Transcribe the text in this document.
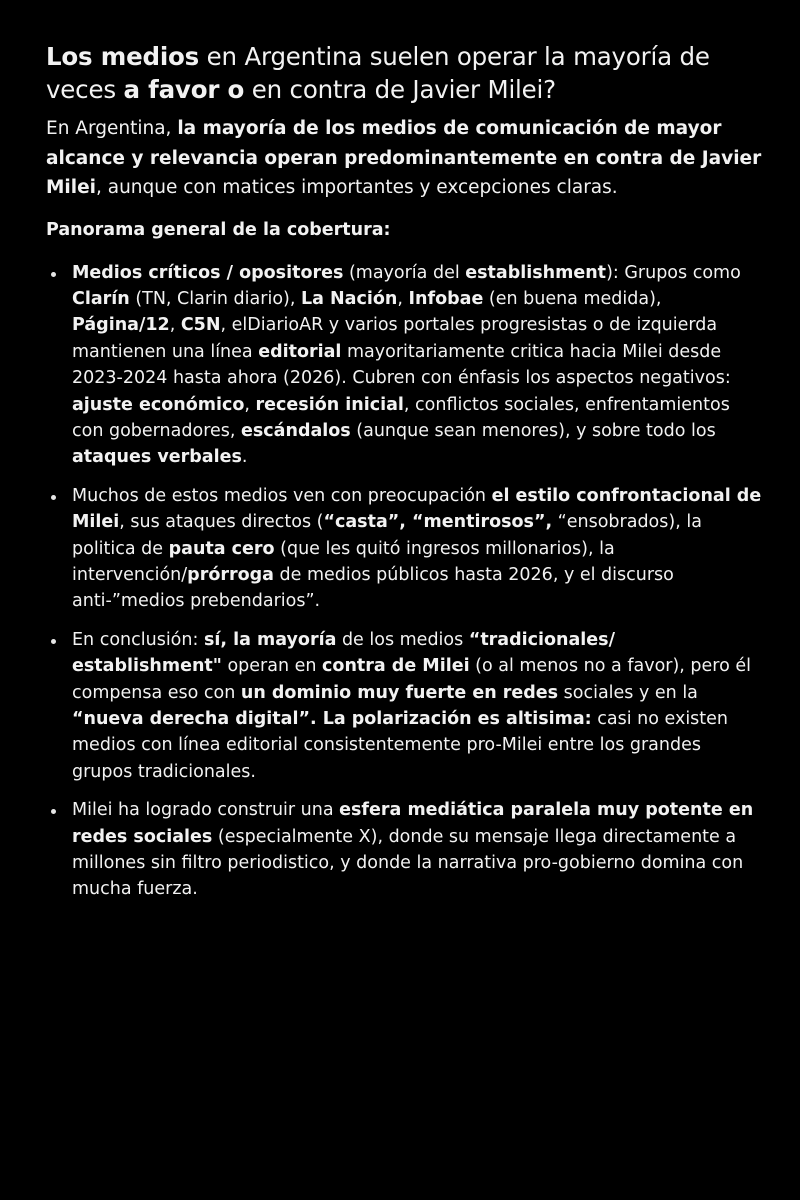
Los medios en Argentina suelen operar la mayoría de veces a favor o en contra de Javier Milei?

En Argentina, la mayoría de los medios de comunicación de mayor alcance y relevancia operan predominantemente en contra de Javier Milei, aunque con matices importantes y excepciones claras.

Panorama general de la cobertura:
Medios críticos / opositores (mayoría del establishment): Grupos como Clarín (TN, Clarin diario), La Nación, Infobae (en buena medida), Página/12, C5N, elDiarioAR y varios portales progresistas o de izquierda mantienen una línea editorial mayoritariamente critica hacia Milei desde 2023-2024 hasta ahora (2026). Cubren con énfasis los aspectos negativos: ajuste económico, recesión inicial, conflictos sociales, enfrentamientos con gobernadores, escándalos (aunque sean menores), y sobre todo los ataques verbales.
Muchos de estos medios ven con preocupación el estilo confrontacional de Milei, sus ataques directos (“casta”, “mentirosos”, “ensobrados), la politica de pauta cero (que les quitó ingresos millonarios), la intervención/prórroga de medios públicos hasta 2026, y el discurso anti-”medios prebendarios”.
En conclusión: sí, la mayoría de los medios “tradicionales/ establishment" operan en contra de Milei (o al menos no a favor), pero él compensa eso con un dominio muy fuerte en redes sociales y en la “nueva derecha digital”. La polarización es altisima: casi no existen medios con línea editorial consistentemente pro-Milei entre los grandes grupos tradicionales.
Milei ha logrado construir una esfera mediática paralela muy potente en redes sociales (especialmente X), donde su mensaje llega directamente a millones sin filtro periodistico, y donde la narrativa pro-gobierno domina con mucha fuerza.
